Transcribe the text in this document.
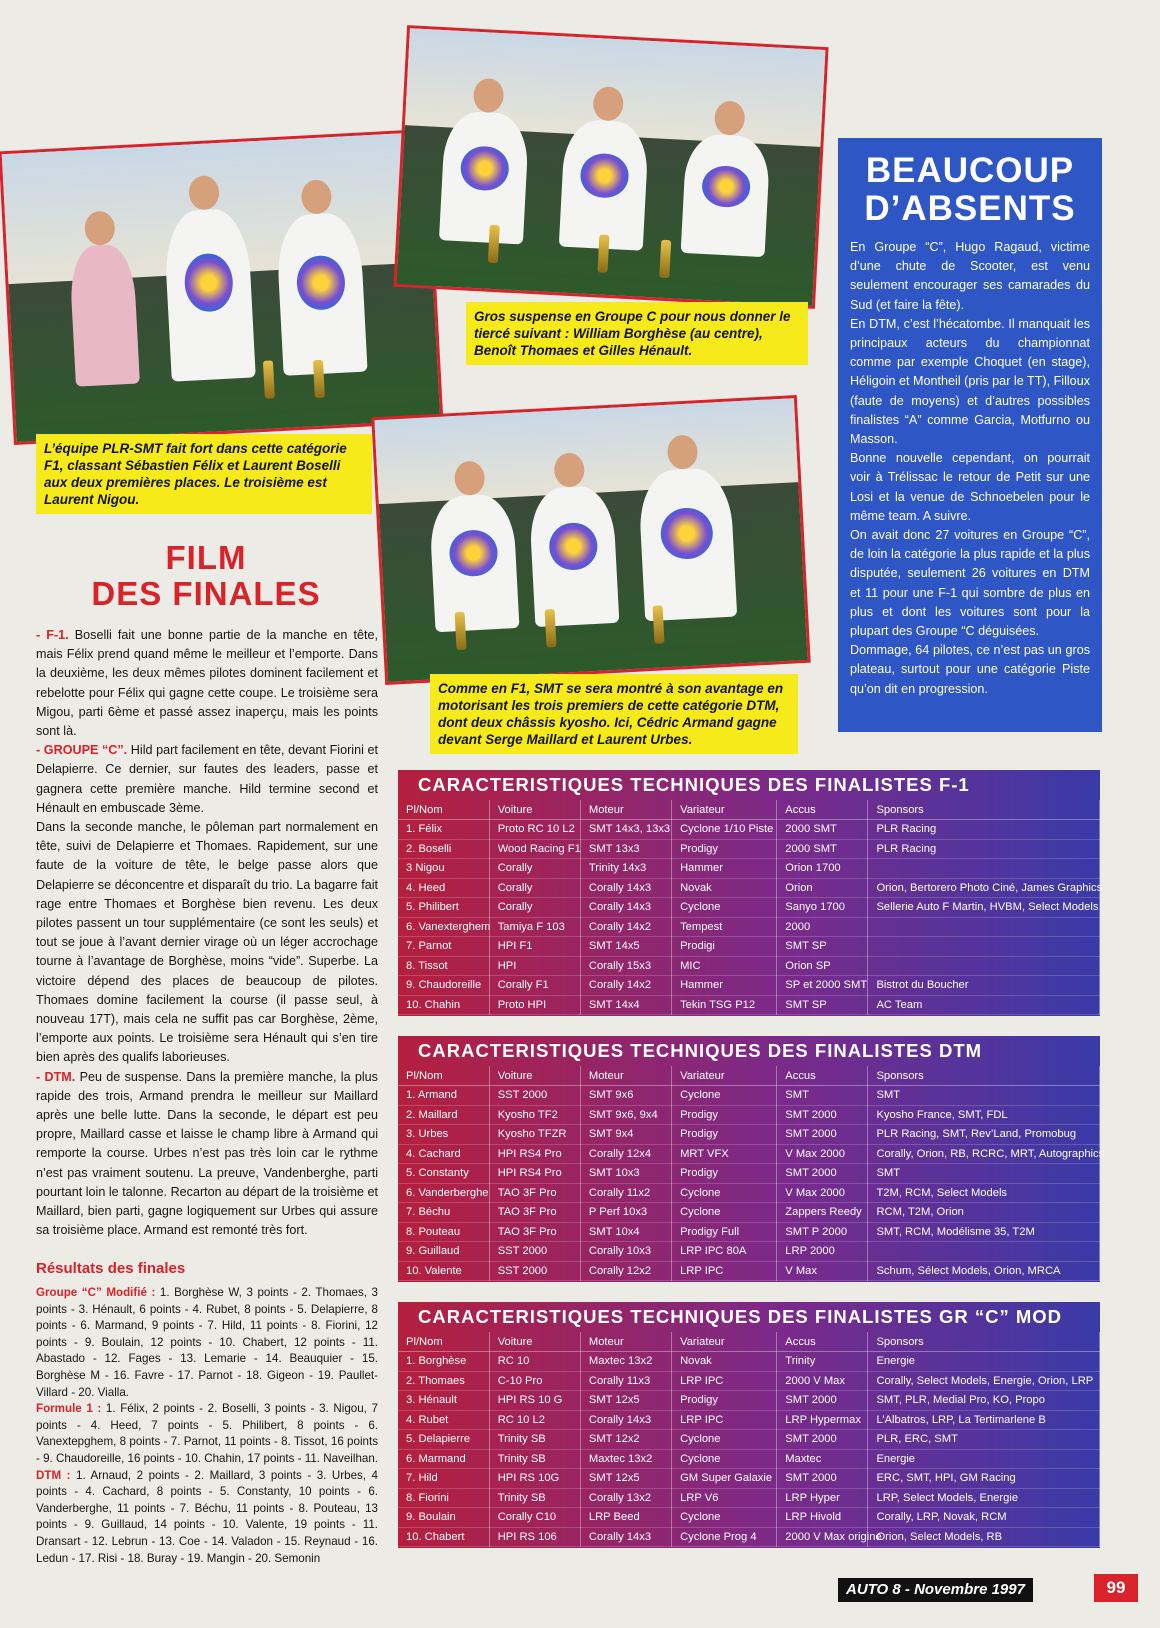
L’équipe PLR-SMT fait fort dans cette catégorie F1, classant Sébastien Félix et Laurent Boselli aux deux premières places. Le troisième est Laurent Nigou.
Gros suspense en Groupe C pour nous donner le tiercé suivant : William Borghèse (au centre), Benoît Thomaes et Gilles Hénault.
Comme en F1, SMT se sera montré à son avantage en motorisant les trois premiers de cette catégorie DTM, dont deux châssis kyosho. Ici, Cédric Armand gagne devant Serge Maillard et Laurent Urbes.
FILM
DES FINALES

- F-1. Boselli fait une bonne partie de la manche en tête, mais Félix prend quand même le meilleur et l’emporte. Dans la deuxième, les deux mêmes pilotes dominent facilement et rebelotte pour Félix qui gagne cette coupe. Le troisième sera Migou, parti 6ème et passé assez inaperçu, mais les points sont là.

- GROUPE “C”. Hild part facilement en tête, devant Fiorini et Delapierre. Ce dernier, sur fautes des leaders, passe et gagnera cette première manche. Hild termine second et Hénault en embuscade 3ème.

Dans la seconde manche, le pôleman part normalement en tête, suivi de Delapierre et Thomaes. Rapidement, sur une faute de la voiture de tête, le belge passe alors que Delapierre se déconcentre et disparaît du trio. La bagarre fait rage entre Thomaes et Borghèse bien revenu. Les deux pilotes passent un tour supplémentaire (ce sont les seuls) et tout se joue à l’avant dernier virage où un léger accrochage tourne à l’avantage de Borghèse, moins “vide”. Superbe. La victoire dépend des places de beaucoup de pilotes. Thomaes domine facilement la course (il passe seul, à nouveau 17T), mais cela ne suffit pas car Borghèse, 2ème, l’emporte aux points. Le troisième sera Hénault qui s’en tire bien après des qualifs laborieuses.

- DTM. Peu de suspense. Dans la première manche, la plus rapide des trois, Armand prendra le meilleur sur Maillard après une belle lutte. Dans la seconde, le départ est peu propre, Maillard casse et laisse le champ libre à Armand qui remporte la course. Urbes n’est pas très loin car le rythme n’est pas vraiment soutenu. La preuve, Vandenberghe, parti pourtant loin le talonne. Recarton au départ de la troisième et Maillard, bien parti, gagne logiquement sur Urbes qui assure sa troisième place. Armand est remonté très fort.

Résultats des finales

Groupe “C” Modifié : 1. Borghèse W, 3 points - 2. Thomaes, 3 points - 3. Hénault, 6 points - 4. Rubet, 8 points - 5. Delapierre, 8 points - 6. Marmand, 9 points - 7. Hild, 11 points - 8. Fiorini, 12 points - 9. Boulain, 12 points - 10. Chabert, 12 points - 11. Abastado - 12. Fages - 13. Lemarie - 14. Beauquier - 15. Borghèse M - 16. Favre - 17. Parnot - 18. Gigeon - 19. Paullet-Villard - 20. Vialla.

Formule 1 : 1. Félix, 2 points - 2. Boselli, 3 points - 3. Nigou, 7 points - 4. Heed, 7 points - 5. Philibert, 8 points - 6. Vanextерghem, 8 points - 7. Parnot, 11 points - 8. Tissot, 16 points - 9. Chaudoreille, 16 points - 10. Chahin, 17 points - 11. Naveilhan.

DTM : 1. Arnaud, 2 points - 2. Maillard, 3 points - 3. Urbes, 4 points - 4. Cachard, 8 points - 5. Constanty, 10 points - 6. Vanderberghe, 11 points - 7. Béchu, 11 points - 8. Pouteau, 13 points - 9. Guillaud, 14 points - 10. Valente, 19 points - 11. Dransart - 12. Lebrun - 13. Coe - 14. Valadon - 15. Reynaud - 16. Ledun - 17. Risi - 18. Buray - 19. Mangin - 20. Semonin

BEAUCOUP
D’ABSENTS

En Groupe “C”, Hugo Ragaud, victime d’une chute de Scooter, est venu seulement encourager ses camarades du Sud (et faire la fête).

En DTM, c’est l’hécatombe. Il manquait les principaux acteurs du championnat comme par exemple Choquet (en stage), Héligoin et Montheil (pris par le TT), Filloux (faute de moyens) et d’autres possibles finalistes “A” comme Garcia, Motfurno ou Masson.

Bonne nouvelle cependant, on pourrait voir à Trélissac le retour de Petit sur une Losi et la venue de Schnoebelen pour le même team. A suivre.

On avait donc 27 voitures en Groupe “C”, de loin la catégorie la plus rapide et la plus disputée, seulement 26 voitures en DTM et 11 pour une F-1 qui sombre de plus en plus et dont les voitures sont pour la plupart des Groupe “C déguisées.

Dommage, 64 pilotes, ce n’est pas un gros plateau, surtout pour une catégorie Piste qu’on dit en progression.

CARACTERISTIQUES TECHNIQUES DES FINALISTES F-1
Pl/Nom	Voiture	Moteur	Variateur	Accus	Sponsors
1. Félix	Proto RC 10 L2	SMT 14x3, 13x3	Cyclone 1/10 Piste	2000 SMT	PLR Racing
2. Boselli	Wood Racing F1	SMT 13x3	Prodigy	2000 SMT	PLR Racing
3 Nigou	Corally	Trinity 14x3	Hammer	Orion 1700	
4. Heed	Corally	Corally 14x3	Novak	Orion	Orion, Bertorero Photo Ciné, James Graphics
5. Philibert	Corally	Corally 14x3	Cyclone	Sanyo 1700	Sellerie Auto F Martin, HVBM, Select Models
6. Vanexterghem	Tamiya F 103	Corally 14x2	Tempest	2000	
7. Parnot	HPI F1	SMT 14x5	Prodigi	SMT SP	
8. Tissot	HPI	Corally 15x3	MIC	Orion SP	
9. Chaudoreille	Corally F1	Corally 14x2	Hammer	SP et 2000 SMT	Bistrot du Boucher
10. Chahin	Proto HPI	SMT 14x4	Tekin TSG P12	SMT SP	AC Team
CARACTERISTIQUES TECHNIQUES DES FINALISTES DTM
Pl/Nom	Voiture	Moteur	Variateur	Accus	Sponsors
1. Armand	SST 2000	SMT 9x6	Cyclone	SMT	SMT
2. Maillard	Kyosho TF2	SMT 9x6, 9x4	Prodigy	SMT 2000	Kyosho France, SMT, FDL
3. Urbes	Kyosho TFZR	SMT 9x4	Prodigy	SMT 2000	PLR Racing, SMT, Rev’Land, Promobug
4. Cachard	HPI RS4 Pro	Corally 12x4	MRT VFX	V Max 2000	Corally, Orion, RB, RCRC, MRT, Autographics
5. Constanty	HPI RS4 Pro	SMT 10x3	Prodigy	SMT 2000	SMT
6. Vanderberghe	TAO 3F Pro	Corally 11x2	Cyclone	V Max 2000	T2M, RCM, Select Models
7. Béchu	TAO 3F Pro	P Perf 10x3	Cyclone	Zappers Reedy	RCM, T2M, Orion
8. Pouteau	TAO 3F Pro	SMT 10x4	Prodigy Full	SMT P 2000	SMT, RCM, Modélisme 35, T2M
9. Guillaud	SST 2000	Corally 10x3	LRP IPC 80A	LRP 2000	
10. Valente	SST 2000	Corally 12x2	LRP IPC	V Max	Schum, Sélect Models, Orion, MRCA
CARACTERISTIQUES TECHNIQUES DES FINALISTES GR “C” MOD
Pl/Nom	Voiture	Moteur	Variateur	Accus	Sponsors
1. Borghèse	RC 10	Maxtec 13x2	Novak	Trinity	Energie
2. Thomaes	C-10 Pro	Corally 11x3	LRP IPC	2000 V Max	Corally, Select Models, Energie, Orion, LRP
3. Hénault	HPI RS 10 G	SMT 12x5	Prodigy	SMT 2000	SMT, PLR, Medial Pro, KO, Propo
4. Rubet	RC 10 L2	Corally 14x3	LRP IPC	LRP Hypermax	L’Albatros, LRP, La Tertimarlene B
5. Delapierre	Trinity SB	SMT 12x2	Cyclone	SMT 2000	PLR, ERC, SMT
6. Marmand	Trinity SB	Maxtec 13x2	Cyclone	Maxtec	Energie
7. Hild	HPI RS 10G	SMT 12x5	GM Super Galaxie	SMT 2000	ERC, SMT, HPI, GM Racing
8. Fiorini	Trinity SB	Corally 13x2	LRP V6	LRP Hyper	LRP, Select Models, Energie
9. Boulain	Corally C10	LRP Beed	Cyclone	LRP Hivold	Corally, LRP, Novak, RCM
10. Chabert	HPI RS 106	Corally 14x3	Cyclone Prog 4	2000 V Max origine	Orion, Select Models, RB
AUTO 8 - Novembre 1997	99
